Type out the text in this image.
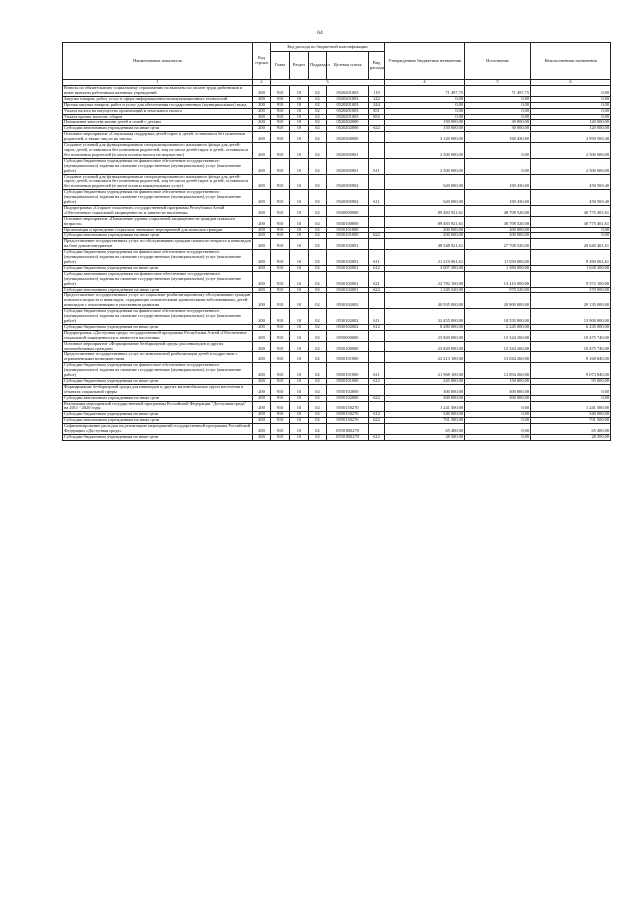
64
Наименование показателя	Код строки	Код расхода по бюджетной классификации					Утвержденные бюджетные назначения	Исполнение	Неисполненные назначения
		Глава	Раздел	Подраздел	Целевая статья	Вид расхода			
1	2	3					4	5	6
Взносы по обязательному социальному страхованию на выплаты по оплате труда работников и иные выплаты работникам казенных учреждений	200	910	10	02	0520201003	119	71 497,75	71 497,75	0,00
Закупка товаров, работ, услуг в сфере информационно-коммуникационных технологий	200	910	10	02	0520201003	242	0,00	0,00	0,00
Прочая закупка товаров, работ и услуг для обеспечения государственных (муниципальных) нужд	200	910	10	02	0520201003	244	0,00	0,00	0,00
Уплата налога на имущество организаций и земельного налога	200	910	10	02	0520201003	851	0,00	0,00	0,00
Уплата прочих налогов, сборов	200	910	10	02	0520201003	852	0,00	0,00	0,00
Повышение качества жизни детей и семей с детьми	200	910	10	02	0520202000		150 000,00	30 000,00	120 000,00
Субсидии автономным учреждениям на иные цели	200	910	10	02	0520202000	622	150 000,00	30 000,00	120 000,00
Основное мероприятие «Социальная поддержка детей-сирот и детей, оставшихся без попечения родителей, а также лиц из их числа»	200	910	10	02	0520300000		3 120 000,00	169 430,60	2 950 569,40
Создание условий для функционирования специализированного жилищного фонда для детей-сирот, детей, оставшихся без попечения родителей, лиц из числа детей-сирот и детей, оставшихся без попечения родителей (в части оплаты налога на имущество)	200	910	10	02	0520305001		2 500 000,00	0,00	2 500 000,00
Субсидии бюджетным учреждениям на финансовое обеспечение государственного (муниципального) задания на оказание государственных (муниципальных) услуг (выполнение работ)	200	910	10	02	0520305001	611	2 500 000,00	0,00	2 500 000,00
Создание условий для функционирования специализированного жилищного фонда для детей-сирот, детей, оставшихся без попечения родителей, лиц из числа детей-сирот и детей, оставшихся без попечения родителей (в части оплаты коммунальных услуг)	200	910	10	02	0520305002		620 000,00	169 430,60	450 569,40
Субсидии бюджетным учреждениям на финансовое обеспечение государственного (муниципального) задания на оказание государственных (муниципальных) услуг (выполнение работ)	200	910	10	02	0520305002	611	620 000,00	169 430,60	450 569,40
Подпрограмма «Старшее поколение» государственной программы Республики Алтай «Обеспечение социальной защищенности и занятости населения»	200	910	10	02	0530000000		89 483 921,61	48 708 520,00	40 775 401,61
Основное мероприятие «Повышение уровня социальной защищенности граждан пожилого возраста»	200	910	10	02	0530100000		89 483 921,61	48 708 520,00	40 775 401,61
Организация и проведение социально значимых мероприятий для пожилых граждан	200	910	10	02	0530101000		200 000,00	200 000,00	0,00
Субсидии автономным учреждениям на иные цели	200	910	10	02	0530101000	622	200 000,00	200 000,00	0,00
Предоставление государственных услуг по обслуживанию граждан пожилого возраста и инвалидов на базе домов-интернатов	200	910	10	02	0530102001		48 348 921,61	27 708 520,00	20 640 401,61
Субсидии бюджетным учреждениям на финансовое обеспечение государственного (муниципального) задания на оказание государственных (муниципальных) услуг (выполнение работ)	200	910	10	02	0530102001	611	21 219 061,61	11 950 000,00	9 269 061,61
Субсидии бюджетным учреждениям на иные цели	200	910	10	02	0530102001	612	3 007 300,00	1 369 000,00	1 638 300,00
Субсидии автономным учреждениям на финансовое обеспечение государственного (муниципального) задания на оказание государственных (муниципальных) услуг (выполнение работ)	200	910	10	02	0530102001	621	22 782 100,00	13 410 000,00	9 372 100,00
Субсидии автономным учреждениям на иные цели	200	910	10	02	0530102001	622	1 349 520,00	979 520,00	370 000,00
Предоставление государственных услуг по социально-реабилитационному обслуживанию граждан пожилого возраста и инвалидов, страдающих психическими хроническими заболеваниями, детей-инвалидов с отклонениями в умственном развитии	200	910	10	02	0530102002		40 935 000,00	20 800 000,00	20 135 000,00
Субсидии бюджетным учреждениям на финансовое обеспечение государственного (муниципального) задания на оказание государственных (муниципальных) услуг (выполнение работ)	200	910	10	02	0530102002	611	32 455 000,00	18 555 000,00	13 900 000,00
Субсидии бюджетным учреждениям на иные цели	200	910	10	02	0530102002	612	8 480 000,00	2 245 000,00	6 235 000,00
Подпрограмма «Доступная среда» государственной программы Республики Алтай «Обеспечение социальной защищенности и занятости населения»	200	910	10	02	0550000000		23 820 000,00	13 344 260,00	10 475 740,00
Основное мероприятие «Формирование безбарьерной среды для инвалидов и других маломобильных граждан»	200	910	10	02	0550100000		23 820 000,00	13 344 260,00	10 475 740,00
Предоставление государственных услуг по комплексной реабилитации детей и подростков с ограниченными возможностями	200	910	10	02	0550101000		22 213 100,00	13 044 260,00	9 168 840,00
Субсидии бюджетным учреждениям на финансовое обеспечение государственного (муниципального) задания на оказание государственных (муниципальных) услуг (выполнение работ)	200	910	10	02	0550101000	611	21 968 100,00	12 894 260,00	9 073 840,00
Субсидии бюджетным учреждениям на иные цели	200	910	10	02	0550101000	612	245 000,00	150 000,00	95 000,00
Формирование безбарьерной среды для инвалидов и других маломобильных групп населения в объектах социальной сферы	200	910	10	02	0550102000		300 000,00	300 000,00	0,00
Субсидии автономным учреждениям на иные цели	200	910	10	02	0550102000	622	300 000,00	300 000,00	0,00
Реализация мероприятий государственной программы Российской Федерации "Доступная среда" на 2011 - 2020 годы	200	910	10	02	0550150270		1 241 500,00	0,00	1 241 500,00
Субсидии бюджетным учреждениям на иные цели	200	910	10	02	0550150270	612	540 000,00	0,00	540 000,00
Субсидии автономным учреждениям на иные цели	200	910	10	02	0550150270	622	701 500,00	0,00	701 500,00
Софинансирование расходов на реализацию мероприятий государственной программы Российской Федерации «Доступная среда»	200	910	10	02	05501R0270		65 400,00	0,00	65 400,00
Субсидии бюджетным учреждениям на иные цели	200	910	10	02	05501R0270	612	28 500,00	0,00	28 500,00
